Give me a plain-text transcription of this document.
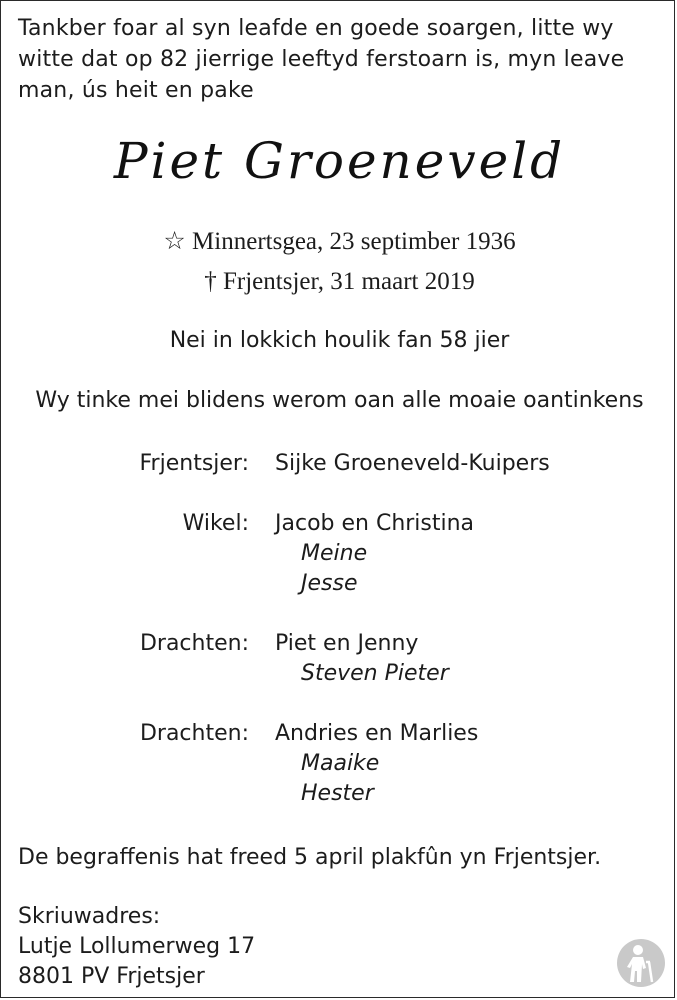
Tankber foar al syn leafde en goede soargen, litte wy
witte dat op 82 jierrige leeftyd ferstoarn is, myn leave
man, ús heit en pake
Piet Groeneveld
☆ Minnertsgea, 23 septimber 1936
† Frjentsjer, 31 maart 2019
Nei in lokkich houlik fan 58 jier
Wy tinke mei blidens werom oan alle moaie oantinkens
Frjentsjer: Sijke Groeneveld-Kuipers
Wikel: Jacob en Christina
Meine
Jesse
Drachten: Piet en Jenny
Steven Pieter
Drachten: Andries en Marlies
Maaike
Hester
De begraffenis hat freed 5 april plakfûn yn Frjentsjer.
Skriuwadres:
Lutje Lollumerweg 17
8801 PV Frjetsjer
